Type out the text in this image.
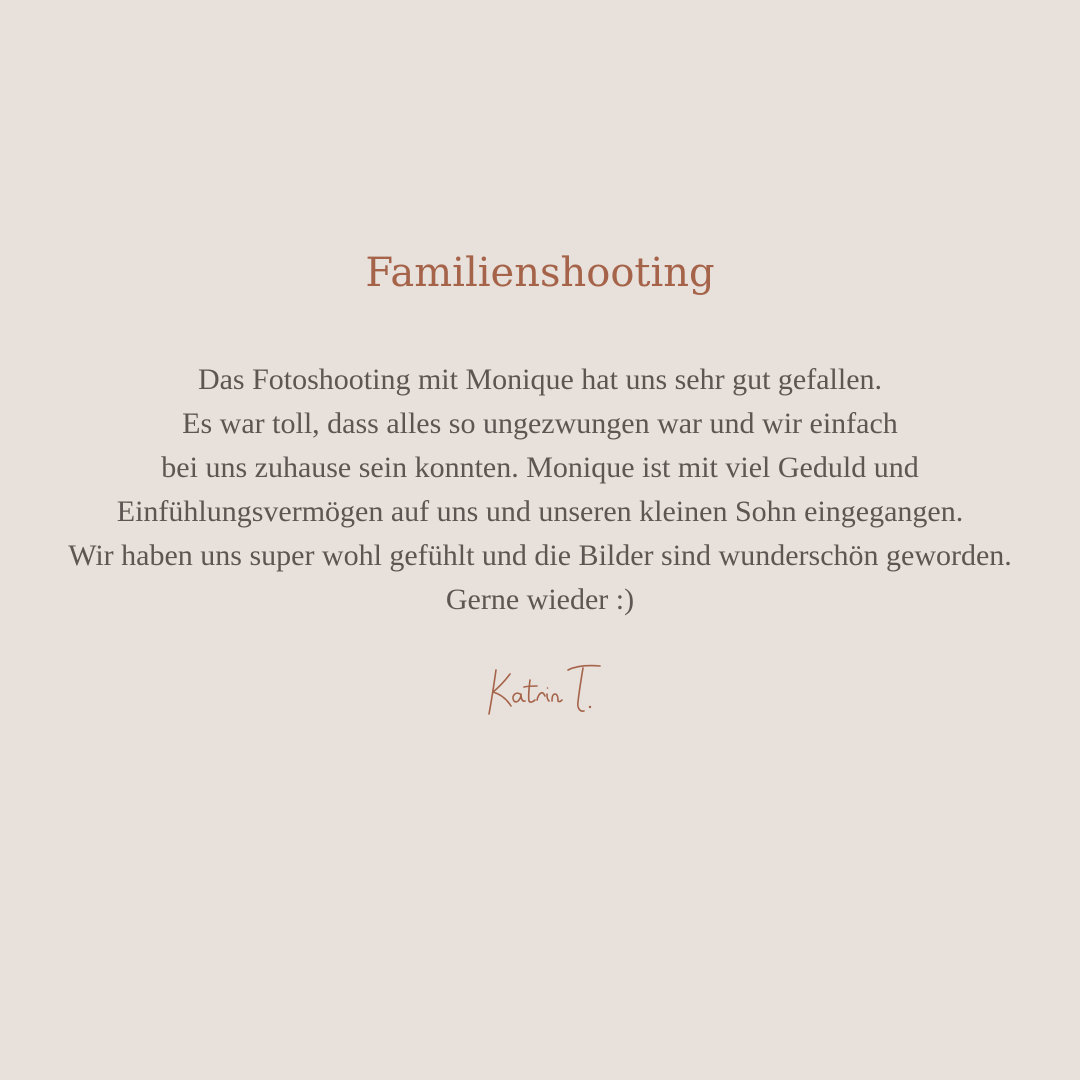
Familienshooting
Das Fotoshooting mit Monique hat uns sehr gut gefallen.
Es war toll, dass alles so ungezwungen war und wir einfach
bei uns zuhause sein konnten. Monique ist mit viel Geduld und
Einfühlungsvermögen auf uns und unseren kleinen Sohn eingegangen.
Wir haben uns super wohl gefühlt und die Bilder sind wunderschön geworden.
Gerne wieder :)
